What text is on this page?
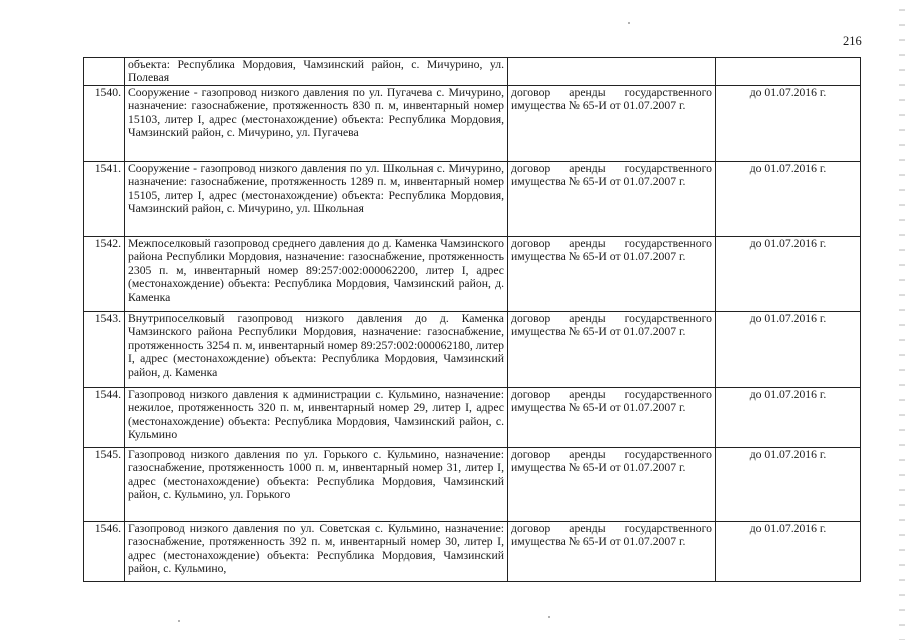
216
	объекта: Республика Мордовия, Чамзинский район, с. Мичурино, ул. Полевая		
1540.	Сооружение - газопровод низкого давления по ул. Пугачева с. Мичурино, назначение: газоснабжение, протяженность 830 п. м, инвентарный номер 15103, литер I, адрес (местонахождение) объекта: Республика Мордовия, Чамзинский район, с. Мичурино, ул. Пугачева	договор аренды государственного имущества № 65-И от 01.07.2007 г.	до 01.07.2016 г.
1541.	Сооружение - газопровод низкого давления по ул. Школьная с. Мичурино, назначение: газоснабжение, протяженность 1289 п. м, инвентарный номер 15105, литер I, адрес (местонахождение) объекта: Республика Мордовия, Чамзинский район, с. Мичурино, ул. Школьная	договор аренды государственного имущества № 65-И от 01.07.2007 г.	до 01.07.2016 г.
1542.	Межпоселковый газопровод среднего давления до д. Каменка Чамзинского района Республики Мордовия, назначение: газоснабжение, протяженность 2305 п. м, инвентарный номер 89:257:002:000062200, литер I, адрес (местонахождение) объекта: Республика Мордовия, Чамзинский район, д. Каменка	договор аренды государственного имущества № 65-И от 01.07.2007 г.	до 01.07.2016 г.
1543.	Внутрипоселковый газопровод низкого давления до д. Каменка Чамзинского района Республики Мордовия, назначение: газоснабжение, протяженность 3254 п. м, инвентарный номер 89:257:002:000062180, литер I, адрес (местонахождение) объекта: Республика Мордовия, Чамзинский район, д. Каменка	договор аренды государственного имущества № 65-И от 01.07.2007 г.	до 01.07.2016 г.
1544.	Газопровод низкого давления к администрации с. Кульмино, назначение: нежилое, протяженность 320 п. м, инвентарный номер 29, литер I, адрес (местонахождение) объекта: Республика Мордовия, Чамзинский район, с. Кульмино	договор аренды государственного имущества № 65-И от 01.07.2007 г.	до 01.07.2016 г.
1545.	Газопровод низкого давления по ул. Горького с. Кульмино, назначение: газоснабжение, протяженность 1000 п. м, инвентарный номер 31, литер I, адрес (местонахождение) объекта: Республика Мордовия, Чамзинский район, с. Кульмино, ул. Горького	договор аренды государственного имущества № 65-И от 01.07.2007 г.	до 01.07.2016 г.
1546.	Газопровод низкого давления по ул. Советская с. Кульмино, назначение: газоснабжение, протяженность 392 п. м, инвентарный номер 30, литер I, адрес (местонахождение) объекта: Республика Мордовия, Чамзинский район, с. Кульмино,	договор аренды государственного имущества № 65-И от 01.07.2007 г.	до 01.07.2016 г.
